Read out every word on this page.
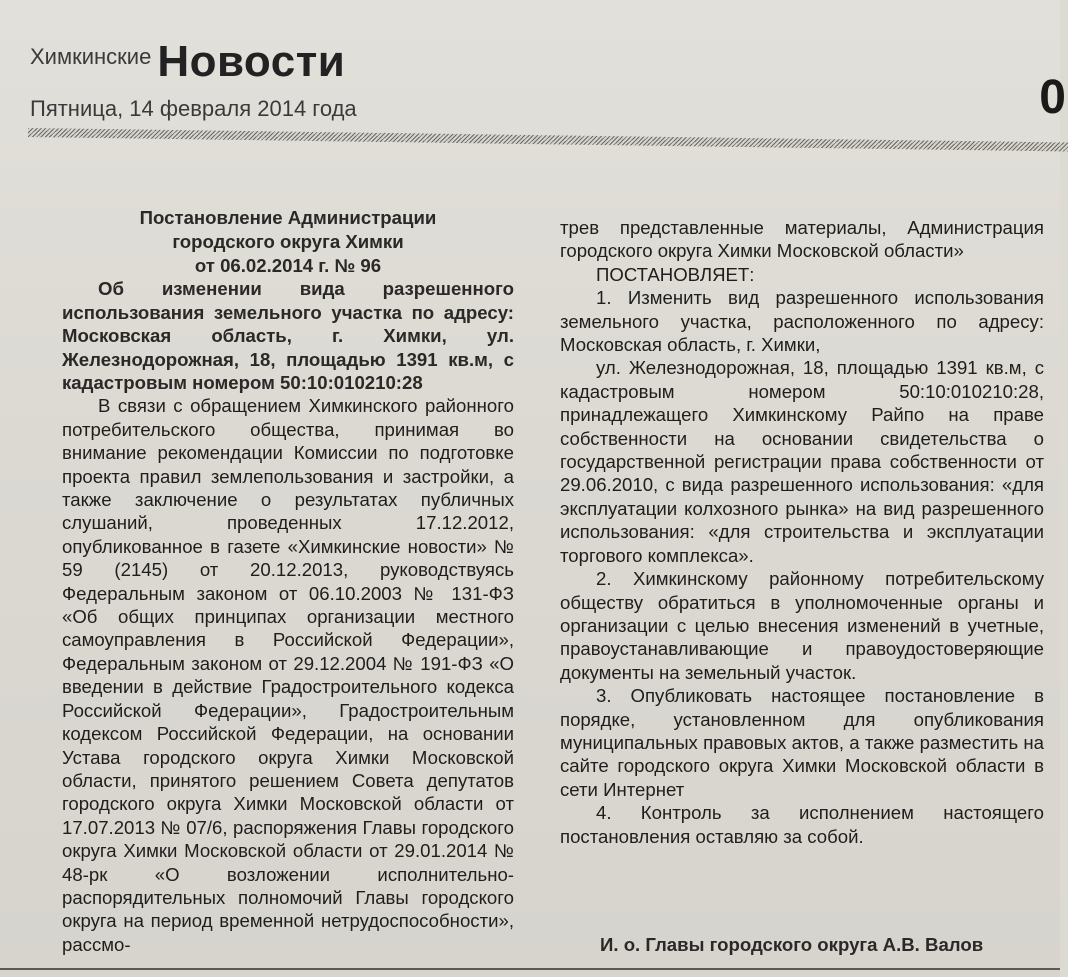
Химкинские Новости
Пятница, 14 февраля 2014 года	0

Постановление Администрации

городского округа Химки

от 06.02.2014 г. № 96

Об изменении вида разрешенного использования земельного участка по адресу: Московская область, г. Химки, ул. Железнодорожная, 18, площадью 1391 кв.м, с кадастровым номером 50:10:010210:28

В связи с обращением Химкинского районного потребительского общества, принимая во внимание рекомендации Комиссии по подготовке проекта правил землепользования и застройки, а также заключение о результатах публичных слушаний, проведенных 17.12.2012, опубликованное в газете «Химкинские новости» № 59 (2145) от 20.12.2013, руководствуясь Федеральным законом от 06.10.2003 № 131-ФЗ «Об общих принципах организации местного самоуправления в Российской Федерации», Федеральным законом от 29.12.2004 № 191-ФЗ «О введении в действие Градостроительного кодекса Российской Федерации», Градостроительным кодексом Российской Федерации, на основании Устава городского округа Химки Московской области, принятого решением Совета депутатов городского округа Химки Московской области от 17.07.2013 № 07/6, распоряжения Главы городского округа Химки Московской области от 29.01.2014 № 48-рк «О возложении исполнительно-распорядительных полномочий Главы городского округа на период временной нетрудоспособности», рассмо-

трев представленные материалы, Администрация городского округа Химки Московской области»

ПОСТАНОВЛЯЕТ:

1. Изменить вид разрешенного использования земельного участка, расположенного по адресу: Московская область, г. Химки,

ул. Железнодорожная, 18, площадью 1391 кв.м, с кадастровым номером 50:10:010210:28, принадлежащего Химкинскому Райпо на праве собственности на основании свидетельства о государственной регистрации права собственности от 29.06.2010, с вида разрешенного использования: «для эксплуатации колхозного рынка» на вид разрешенного использования: «для строительства и эксплуатации торгового комплекса».

2. Химкинскому районному потребительскому обществу обратиться в уполномоченные органы и организации с целью внесения изменений в учетные, правоустанавливающие и правоудостоверяющие документы на земельный участок.

3. Опубликовать настоящее постановление в порядке, установленном для опубликования муниципальных правовых актов, а также разместить на сайте городского округа Химки Московской области в сети Интернет

4. Контроль за исполнением настоящего постановления оставляю за собой.

И. о. Главы городского округа А.В. Валов
